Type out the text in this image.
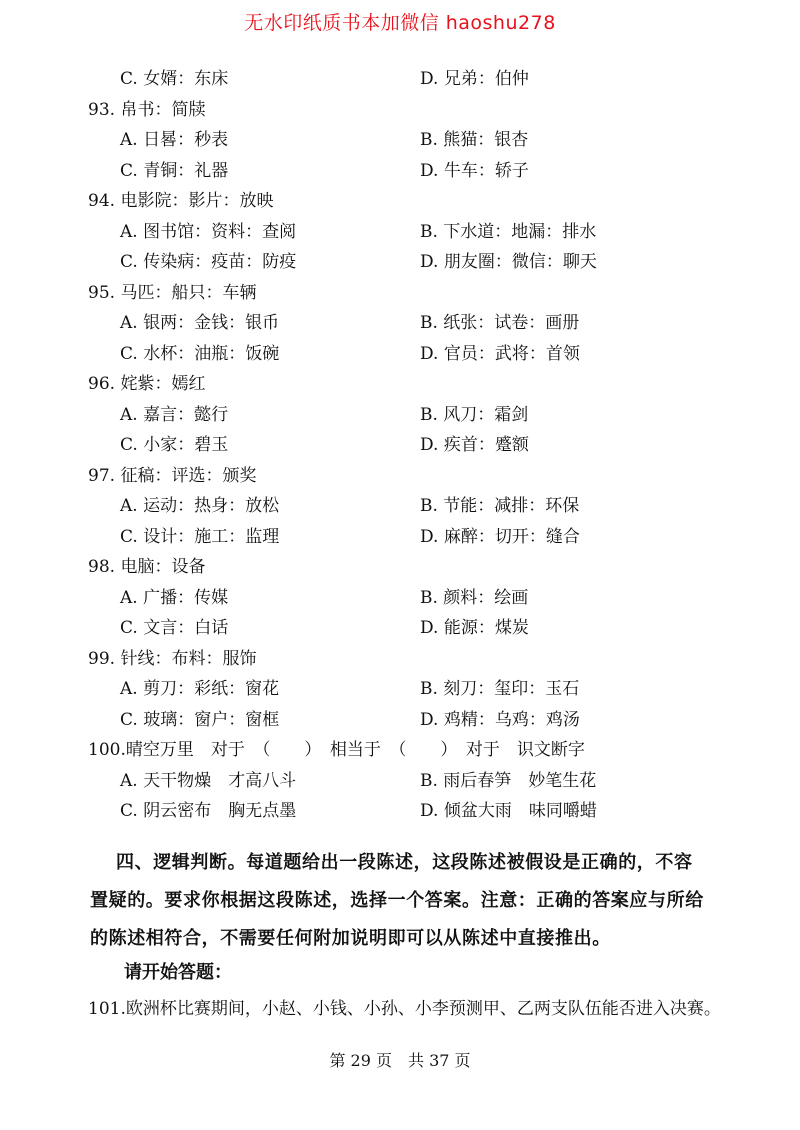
无水印纸质书本加微信 haoshu278
C. 女婿：东床	D. 兄弟：伯仲
93. 帛书：简牍
A. 日晷：秒表	B. 熊猫：银杏
C. 青铜：礼器	D. 牛车：轿子
94. 电影院：影片：放映
A. 图书馆：资料：查阅	B. 下水道：地漏：排水
C. 传染病：疫苗：防疫	D. 朋友圈：微信：聊天
95. 马匹：船只：车辆
A. 银两：金钱：银币	B. 纸张：试卷：画册
C. 水杯：油瓶：饭碗	D. 官员：武将：首领
96. 姹紫：嫣红
A. 嘉言：懿行	B. 风刀：霜剑
C. 小家：碧玉	D. 疾首：蹙额
97. 征稿：评选：颁奖
A. 运动：热身：放松	B. 节能：减排：环保
C. 设计：施工：监理	D. 麻醉：切开：缝合
98. 电脑：设备
A. 广播：传媒	B. 颜料：绘画
C. 文言：白话	D. 能源：煤炭
99. 针线：布料：服饰
A. 剪刀：彩纸：窗花	B. 刻刀：玺印：玉石
C. 玻璃：窗户：窗框	D. 鸡精：乌鸡：鸡汤
100.晴空万里　对于　（　　）　相当于　（　　）　对于　识文断字
A. 天干物燥　才高八斗	B. 雨后春笋　妙笔生花
C. 阴云密布　胸无点墨	D. 倾盆大雨　味同嚼蜡
四、逻辑判断。每道题给出一段陈述，这段陈述被假设是正确的，不容
置疑的。要求你根据这段陈述，选择一个答案。注意：正确的答案应与所给
的陈述相符合，不需要任何附加说明即可以从陈述中直接推出。
请开始答题：
101.欧洲杯比赛期间，小赵、小钱、小孙、小李预测甲、乙两支队伍能否进入决赛。
第 29 页　共 37 页
